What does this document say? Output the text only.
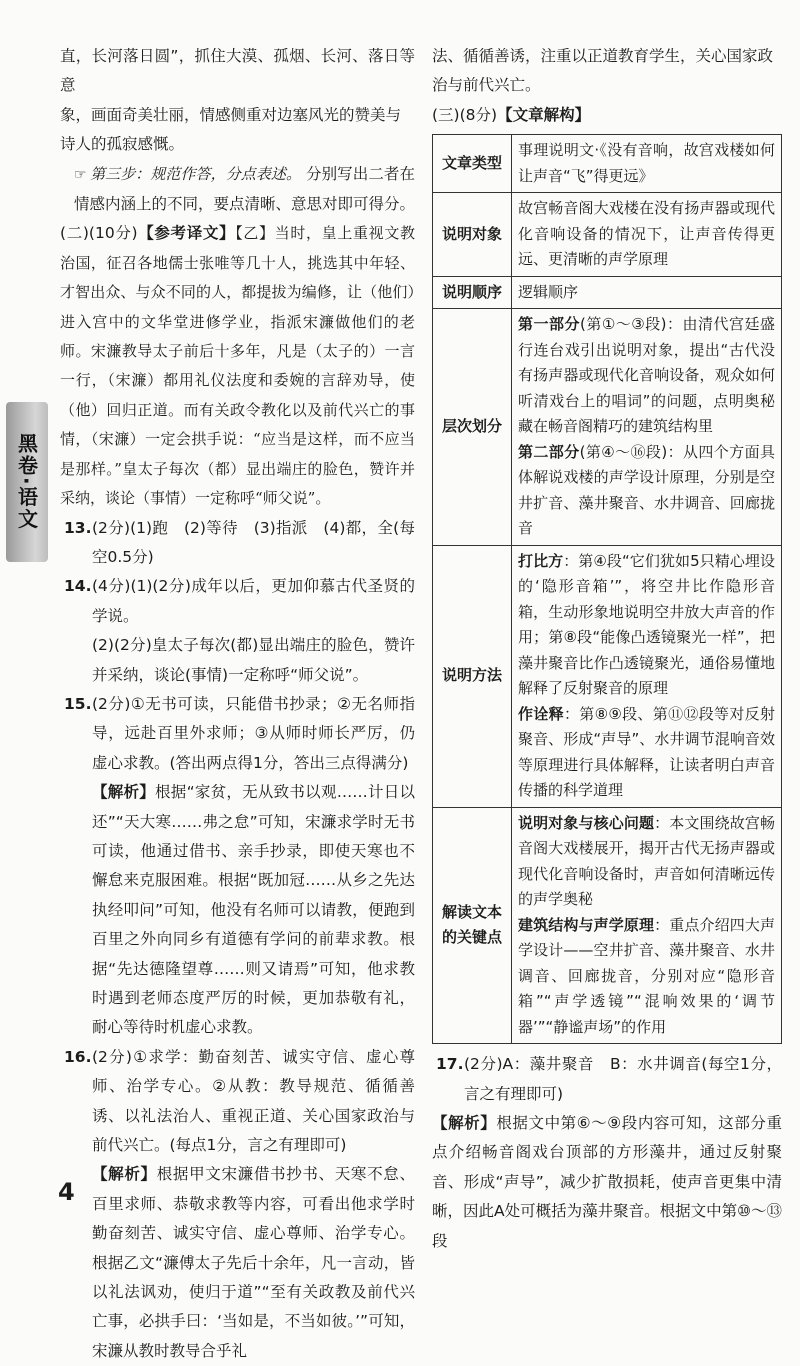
直，长河落日圆”，抓住大漠、孤烟、长河、落日等意

象，画面奇美壮丽，情感侧重对边塞风光的赞美与

诗人的孤寂感慨。

☞ 第三步：规范作答，分点表述。 分别写出二者在情感内涵上的不同，要点清晰、意思对即可得分。

(二)(10分)【参考译文】【乙】当时，皇上重视文教治国，征召各地儒士张唯等几十人，挑选其中年轻、才智出众、与众不同的人，都提拔为编修，让（他们）进入宫中的文华堂进修学业，指派宋濂做他们的老师。宋濂教导太子前后十多年，凡是（太子的）一言一行，（宋濂）都用礼仪法度和委婉的言辞劝导，使（他）回归正道。而有关政令教化以及前代兴亡的事情，（宋濂）一定会拱手说：“应当是这样，而不应当是那样。”皇太子每次（都）显出端庄的脸色，赞许并采纳，谈论（事情）一定称呼“师父说”。

13.(2分)(1)跑　(2)等待　(3)指派　(4)都，全(每空0.5分)

14.(4分)(1)(2分)成年以后，更加仰慕古代圣贤的学说。

(2)(2分)皇太子每次(都)显出端庄的脸色，赞许并采纳，谈论(事情)一定称呼“师父说”。

15.(2分)①无书可读，只能借书抄录；②无名师指导，远赴百里外求师；③从师时师长严厉，仍虚心求教。(答出两点得1分，答出三点得满分)

【解析】根据“家贫，无从致书以观……计日以还”“天大寒……弗之怠”可知，宋濂求学时无书可读，他通过借书、亲手抄录，即使天寒也不懈怠来克服困难。根据“既加冠……从乡之先达执经叩问”可知，他没有名师可以请教，便跑到百里之外向同乡有道德有学问的前辈求教。根据“先达德隆望尊……则又请焉”可知，他求教时遇到老师态度严厉的时候，更加恭敬有礼，耐心等待时机虚心求教。

16.(2分)①求学：勤奋刻苦、诚实守信、虚心尊师、治学专心。②从教：教导规范、循循善诱、以礼法治人、重视正道、关心国家政治与前代兴亡。(每点1分，言之有理即可)

【解析】根据甲文宋濂借书抄书、天寒不怠、百里求师、恭敬求教等内容，可看出他求学时勤奋刻苦、诚实守信、虚心尊师、治学专心。根据乙文“濂傅太子先后十余年，凡一言动，皆以礼法讽劝，使归于道”“至有关政教及前代兴亡事，必拱手曰：‘当如是，不当如彼。’”可知，宋濂从教时教导合乎礼

法、循循善诱，注重以正道教育学生，关心国家政

治与前代兴亡。

(三)(8分)【文章解构】

文章类型	事理说明文·《没有音响，故宫戏楼如何让声音“飞”得更远》
说明对象	故宫畅音阁大戏楼在没有扬声器或现代化音响设备的情况下，让声音传得更远、更清晰的声学原理
说明顺序	逻辑顺序
层次划分	第一部分(第①～③段)：由清代宫廷盛行连台戏引出说明对象，提出“古代没有扬声器或现代化音响设备，观众如何听清戏台上的唱词”的问题，点明奥秘藏在畅音阁精巧的建筑结构里
第二部分(第④～⑯段)：从四个方面具体解说戏楼的声学设计原理，分别是空井扩音、藻井聚音、水井调音、回廊拢音

说明方法	打比方：第④段“它们犹如5只精心埋设的‘隐形音箱’”，将空井比作隐形音箱，生动形象地说明空井放大声音的作用；第⑧段“能像凸透镜聚光一样”，把藻井聚音比作凸透镜聚光，通俗易懂地解释了反射聚音的原理
作诠释：第⑧⑨段、第⑪⑫段等对反射聚音、形成“声导”、水井调节混响音效等原理进行具体解释，让读者明白声音传播的科学道理

解读文本的关键点	说明对象与核心问题：本文围绕故宫畅音阁大戏楼展开，揭开古代无扬声器或现代化音响设备时，声音如何清晰远传的声学奥秘
建筑结构与声学原理：重点介绍四大声学设计——空井扩音、藻井聚音、水井调音、回廊拢音，分别对应“隐形音箱”“声学透镜”“混响效果的‘调节器’”“静谧声场”的作用

17.(2分)A：藻井聚音　B：水井调音(每空1分，言之有理即可)

【解析】根据文中第⑥～⑨段内容可知，这部分重点介绍畅音阁戏台顶部的方形藻井，通过反射聚音、形成“声导”，减少扩散损耗，使声音更集中清晰，因此A处可概括为藻井聚音。根据文中第⑩～⑬段

黑卷·语文
4
